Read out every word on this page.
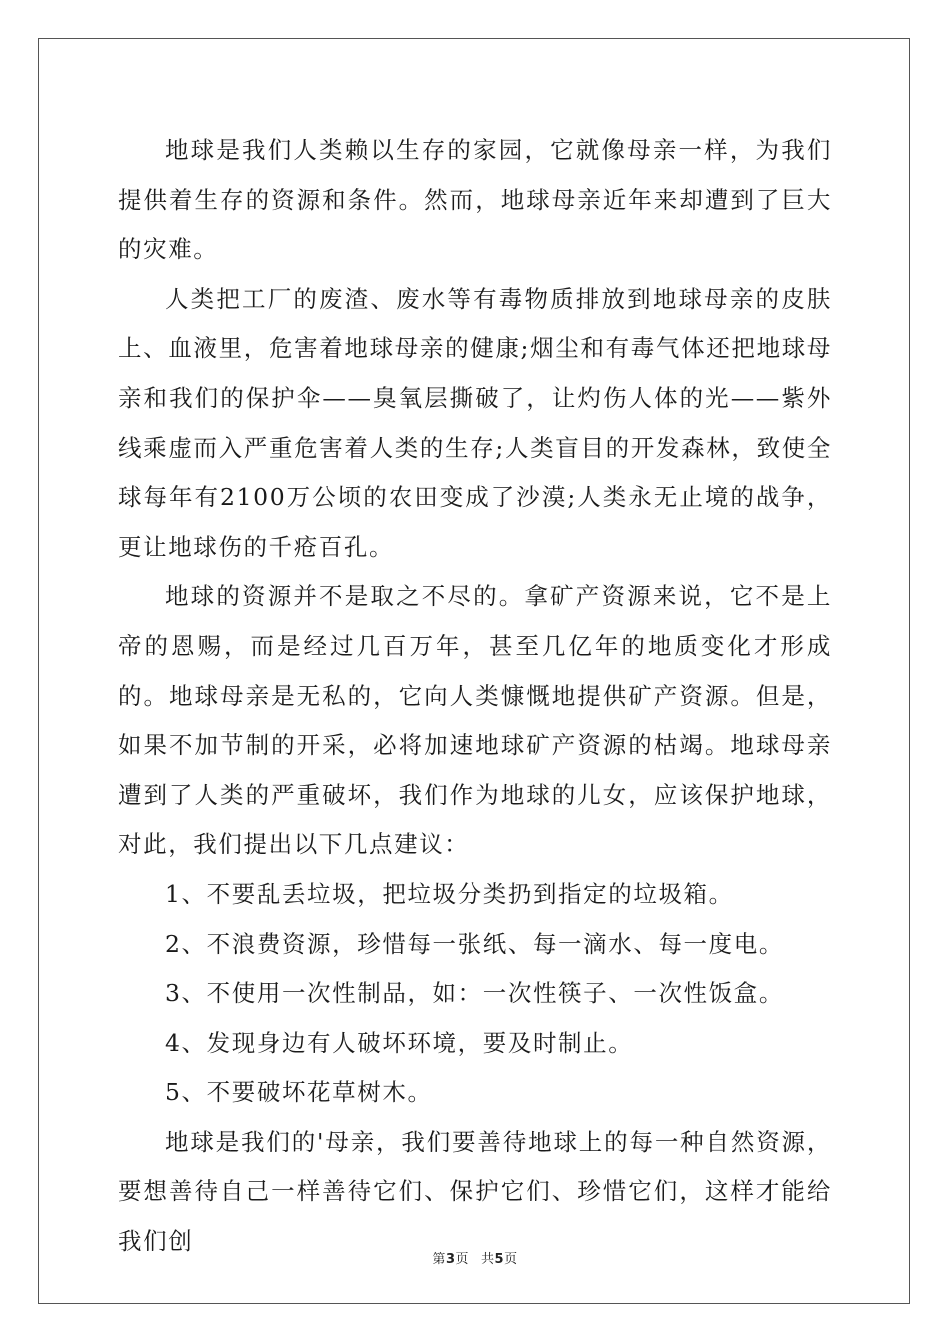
地球是我们人类赖以生存的家园，它就像母亲一样，为我们提供着生存的资源和条件。然而，地球母亲近年来却遭到了巨大的灾难。

人类把工厂的废渣、废水等有毒物质排放到地球母亲的皮肤上、血液里，危害着地球母亲的健康;烟尘和有毒气体还把地球母亲和我们的保护伞——臭氧层撕破了，让灼伤人体的光——紫外线乘虚而入严重危害着人类的生存;人类盲目的开发森林，致使全球每年有2100万公顷的农田变成了沙漠;人类永无止境的战争，更让地球伤的千疮百孔。

地球的资源并不是取之不尽的。拿矿产资源来说，它不是上帝的恩赐，而是经过几百万年，甚至几亿年的地质变化才形成的。地球母亲是无私的，它向人类慷慨地提供矿产资源。但是，如果不加节制的开采，必将加速地球矿产资源的枯竭。地球母亲遭到了人类的严重破坏，我们作为地球的儿女，应该保护地球，对此，我们提出以下几点建议：

1、不要乱丢垃圾，把垃圾分类扔到指定的垃圾箱。

2、不浪费资源，珍惜每一张纸、每一滴水、每一度电。

3、不使用一次性制品，如：一次性筷子、一次性饭盒。

4、发现身边有人破坏环境，要及时制止。

5、不要破坏花草树木。

地球是我们的'母亲，我们要善待地球上的每一种自然资源，要想善待自己一样善待它们、保护它们、珍惜它们，这样才能给我们创

第3页 共5页
